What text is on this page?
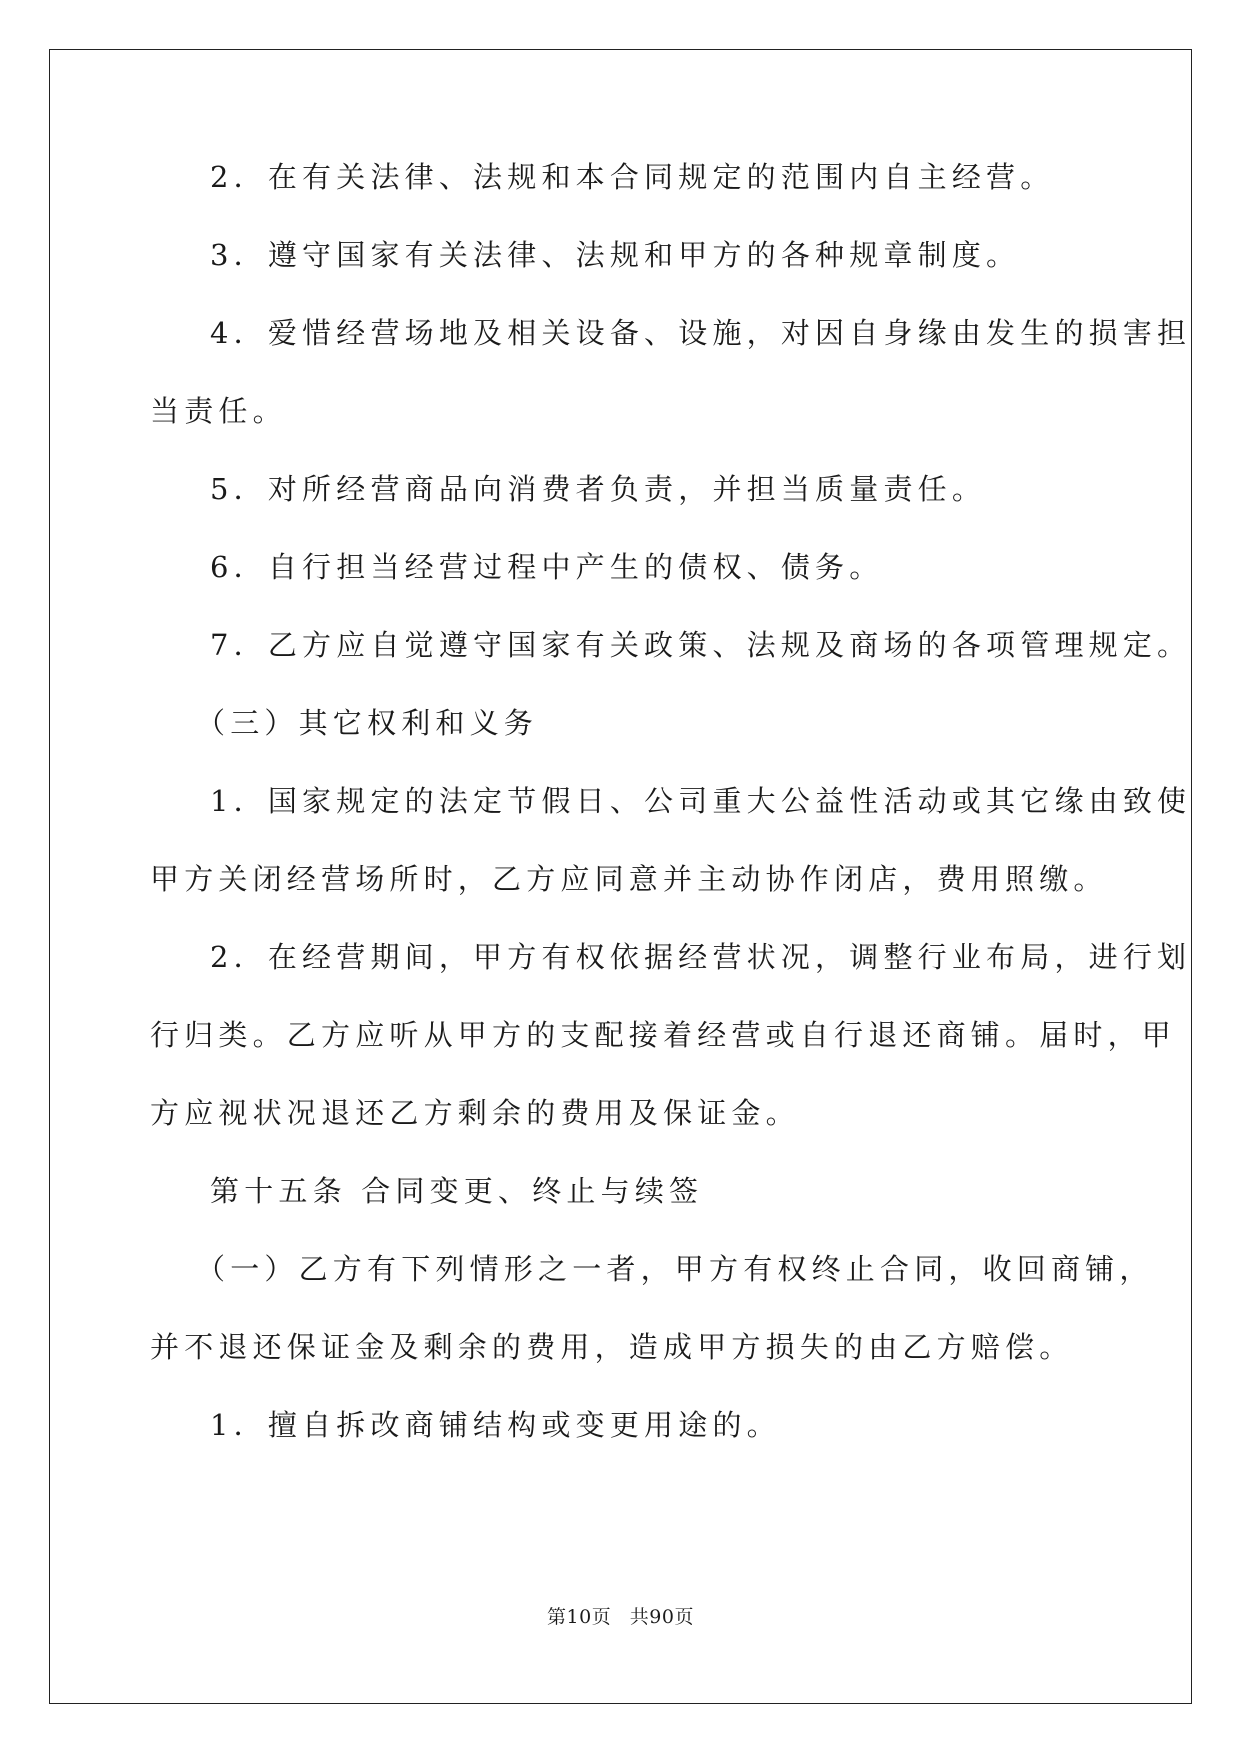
2．在有关法律、法规和本合同规定的范围内自主经营。

3．遵守国家有关法律、法规和甲方的各种规章制度。

4．爱惜经营场地及相关设备、设施，对因自身缘由发生的损害担

当责任。

5．对所经营商品向消费者负责，并担当质量责任。

6．自行担当经营过程中产生的债权、债务。

7．乙方应自觉遵守国家有关政策、法规及商场的各项管理规定。

（三）其它权利和义务

1．国家规定的法定节假日、公司重大公益性活动或其它缘由致使

甲方关闭经营场所时，乙方应同意并主动协作闭店，费用照缴。

2．在经营期间，甲方有权依据经营状况，调整行业布局，进行划

行归类。乙方应听从甲方的支配接着经营或自行退还商铺。届时，甲

方应视状况退还乙方剩余的费用及保证金。

第十五条 合同变更、终止与续签

（一）乙方有下列情形之一者，甲方有权终止合同，收回商铺，

并不退还保证金及剩余的费用，造成甲方损失的由乙方赔偿。

1．擅自拆改商铺结构或变更用途的。

第10页 共90页
